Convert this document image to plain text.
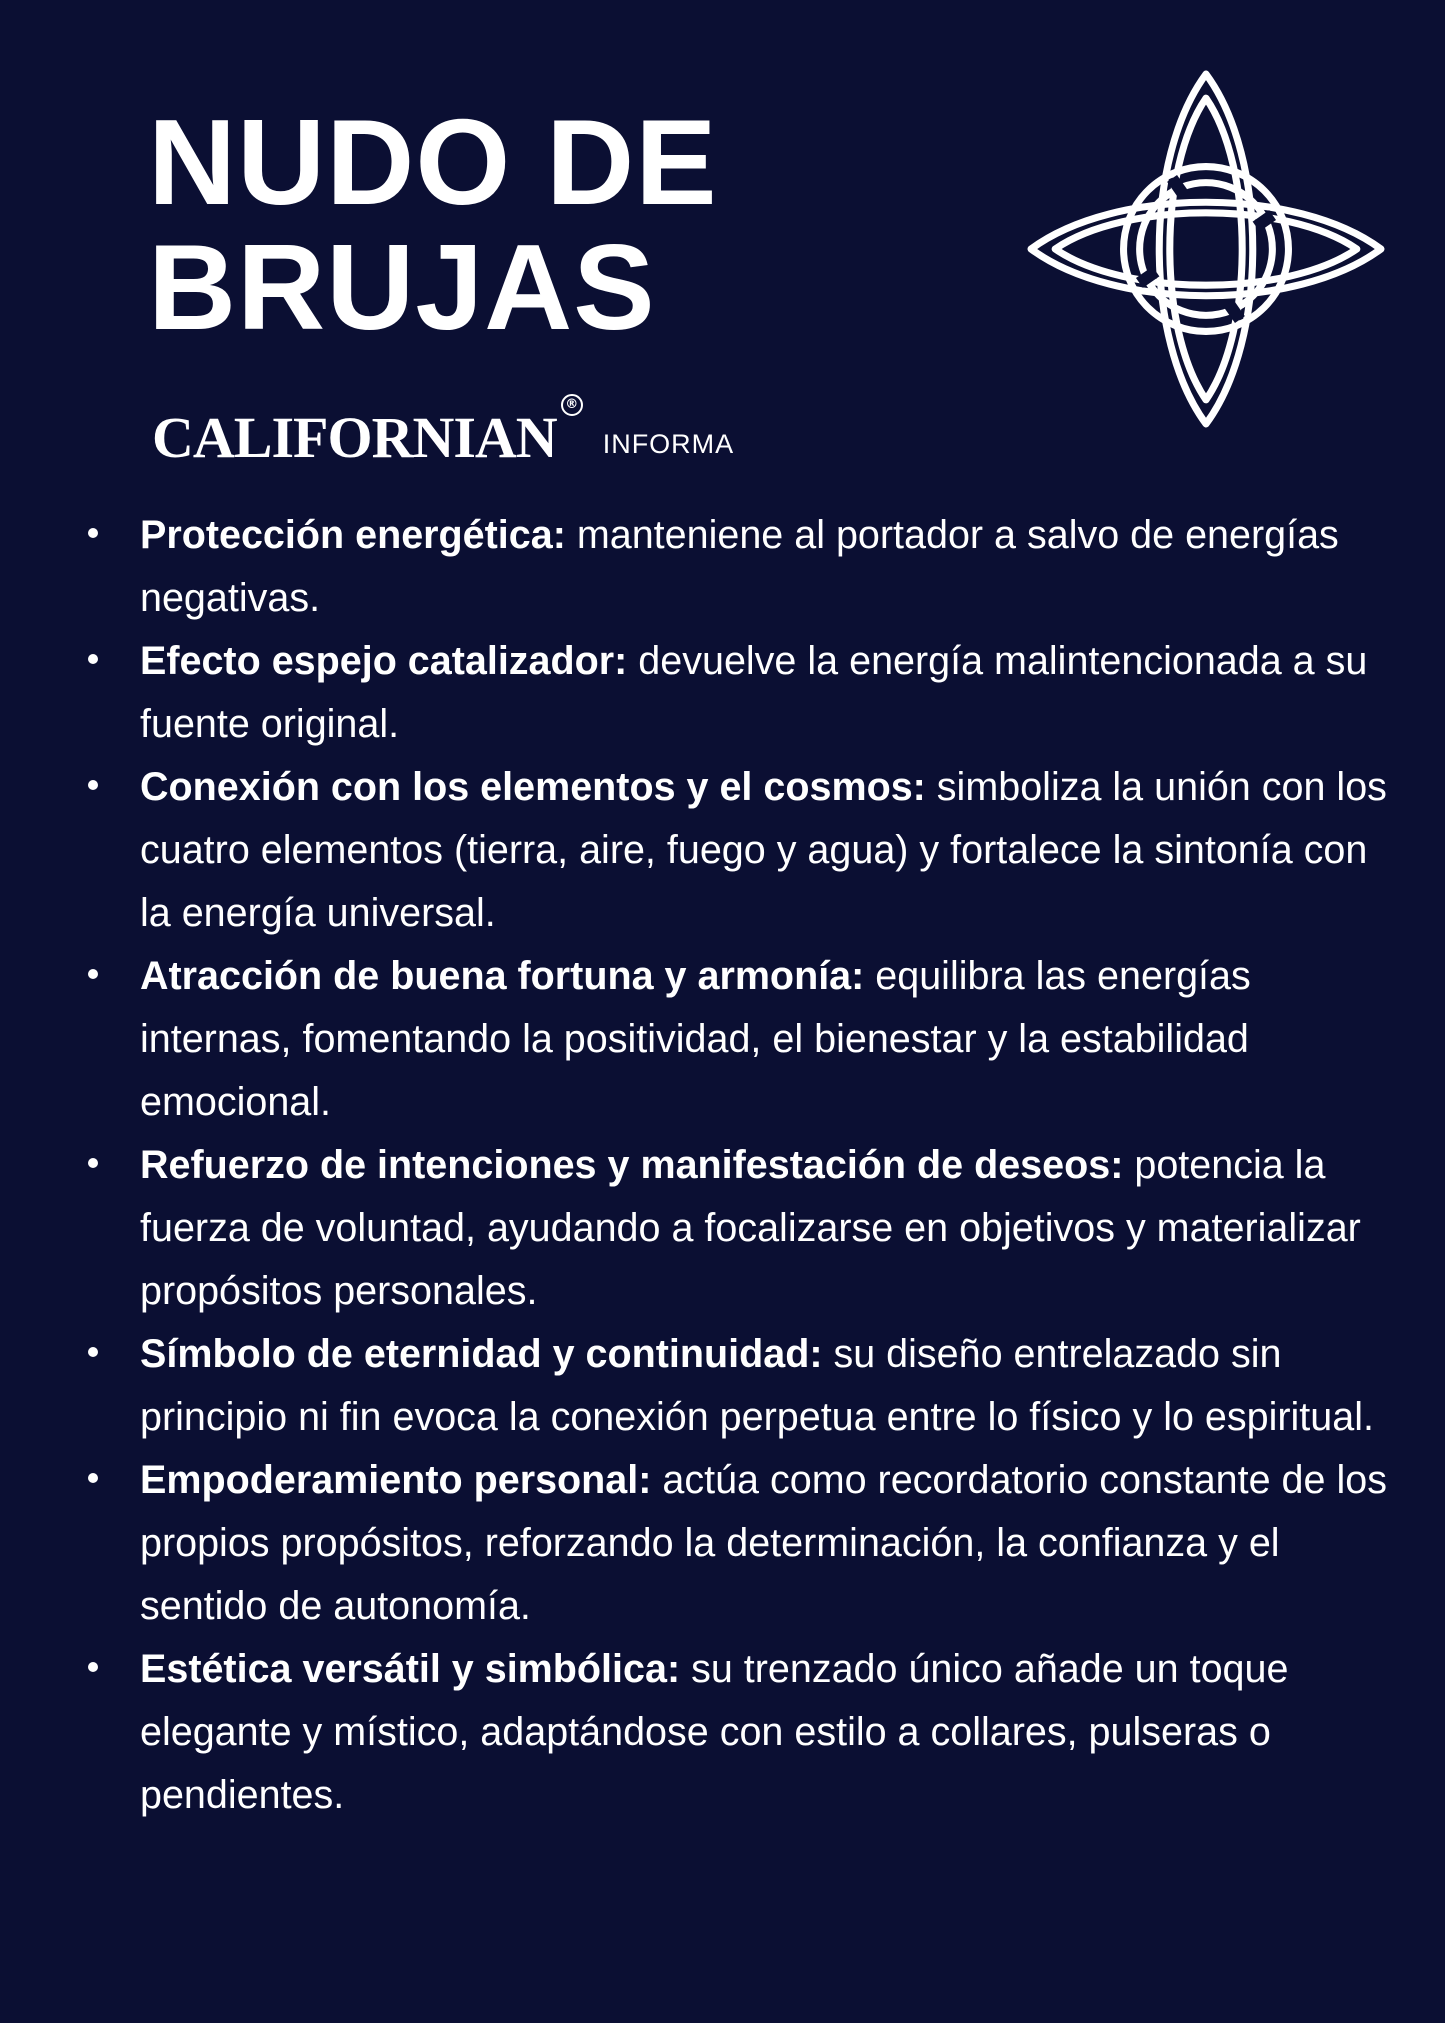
NUDO DE
BRUJAS
CALIFORNIAN
®
INFORMA
Protección energética: manteniene al portador a salvo de energías negativas.
Efecto espejo catalizador: devuelve la energía malintencionada a su fuente original.
Conexión con los elementos y el cosmos: simboliza la unión con los cuatro elementos (tierra, aire, fuego y agua) y fortalece la sintonía con la energía universal.
Atracción de buena fortuna y armonía: equilibra las energías internas, fomentando la positividad, el bienestar y la estabilidad emocional.
Refuerzo de intenciones y manifestación de deseos: potencia la fuerza de voluntad, ayudando a focalizarse en objetivos y materializar propósitos personales.
Símbolo de eternidad y continuidad: su diseño entrelazado sin principio ni fin evoca la conexión perpetua entre lo físico y lo espiritual.
Empoderamiento personal: actúa como recordatorio constante de los propios propósitos, reforzando la determinación, la confianza y el sentido de autonomía.
Estética versátil y simbólica: su trenzado único añade un toque elegante y místico, adaptándose con estilo a collares, pulseras o pendientes.
